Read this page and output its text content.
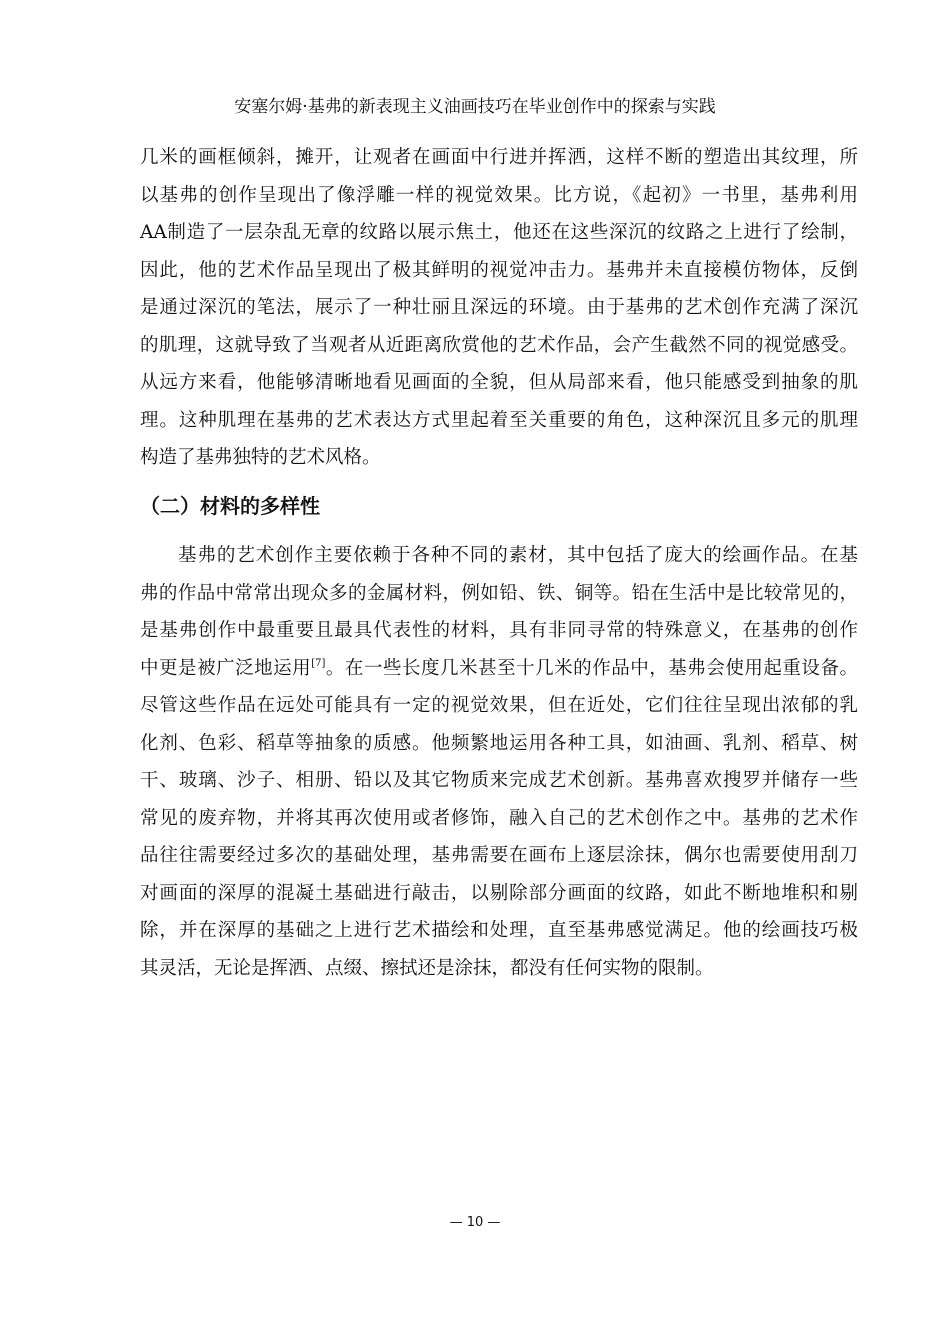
安塞尔姆·基弗的新表现主义油画技巧在毕业创作中的探索与实践
几米的画框倾斜，摊开，让观者在画面中行进并挥洒，这样不断的塑造出其纹理，所
以基弗的创作呈现出了像浮雕一样的视觉效果。比方说，《起初》一书里，基弗利用
AA制造了一层杂乱无章的纹路以展示焦土，他还在这些深沉的纹路之上进行了绘制，
因此，他的艺术作品呈现出了极其鲜明的视觉冲击力。基弗并未直接模仿物体，反倒
是通过深沉的笔法，展示了一种壮丽且深远的环境。由于基弗的艺术创作充满了深沉
的肌理，这就导致了当观者从近距离欣赏他的艺术作品，会产生截然不同的视觉感受。
从远方来看，他能够清晰地看见画面的全貌，但从局部来看，他只能感受到抽象的肌
理。这种肌理在基弗的艺术表达方式里起着至关重要的角色，这种深沉且多元的肌理
构造了基弗独特的艺术风格。
（二）材料的多样性
基弗的艺术创作主要依赖于各种不同的素材，其中包括了庞大的绘画作品。在基
弗的作品中常常出现众多的金属材料，例如铅、铁、铜等。铅在生活中是比较常见的，
是基弗创作中最重要且最具代表性的材料，具有非同寻常的特殊意义，在基弗的创作
中更是被广泛地运用[7]。在一些长度几米甚至十几米的作品中，基弗会使用起重设备。
尽管这些作品在远处可能具有一定的视觉效果，但在近处，它们往往呈现出浓郁的乳
化剂、色彩、稻草等抽象的质感。他频繁地运用各种工具，如油画、乳剂、稻草、树
干、玻璃、沙子、相册、铅以及其它物质来完成艺术创新。基弗喜欢搜罗并储存一些
常见的废弃物，并将其再次使用或者修饰，融入自己的艺术创作之中。基弗的艺术作
品往往需要经过多次的基础处理，基弗需要在画布上逐层涂抹，偶尔也需要使用刮刀
对画面的深厚的混凝土基础进行敲击，以剔除部分画面的纹路，如此不断地堆积和剔
除，并在深厚的基础之上进行艺术描绘和处理，直至基弗感觉满足。他的绘画技巧极
其灵活，无论是挥洒、点缀、擦拭还是涂抹，都没有任何实物的限制。
— 10 —
